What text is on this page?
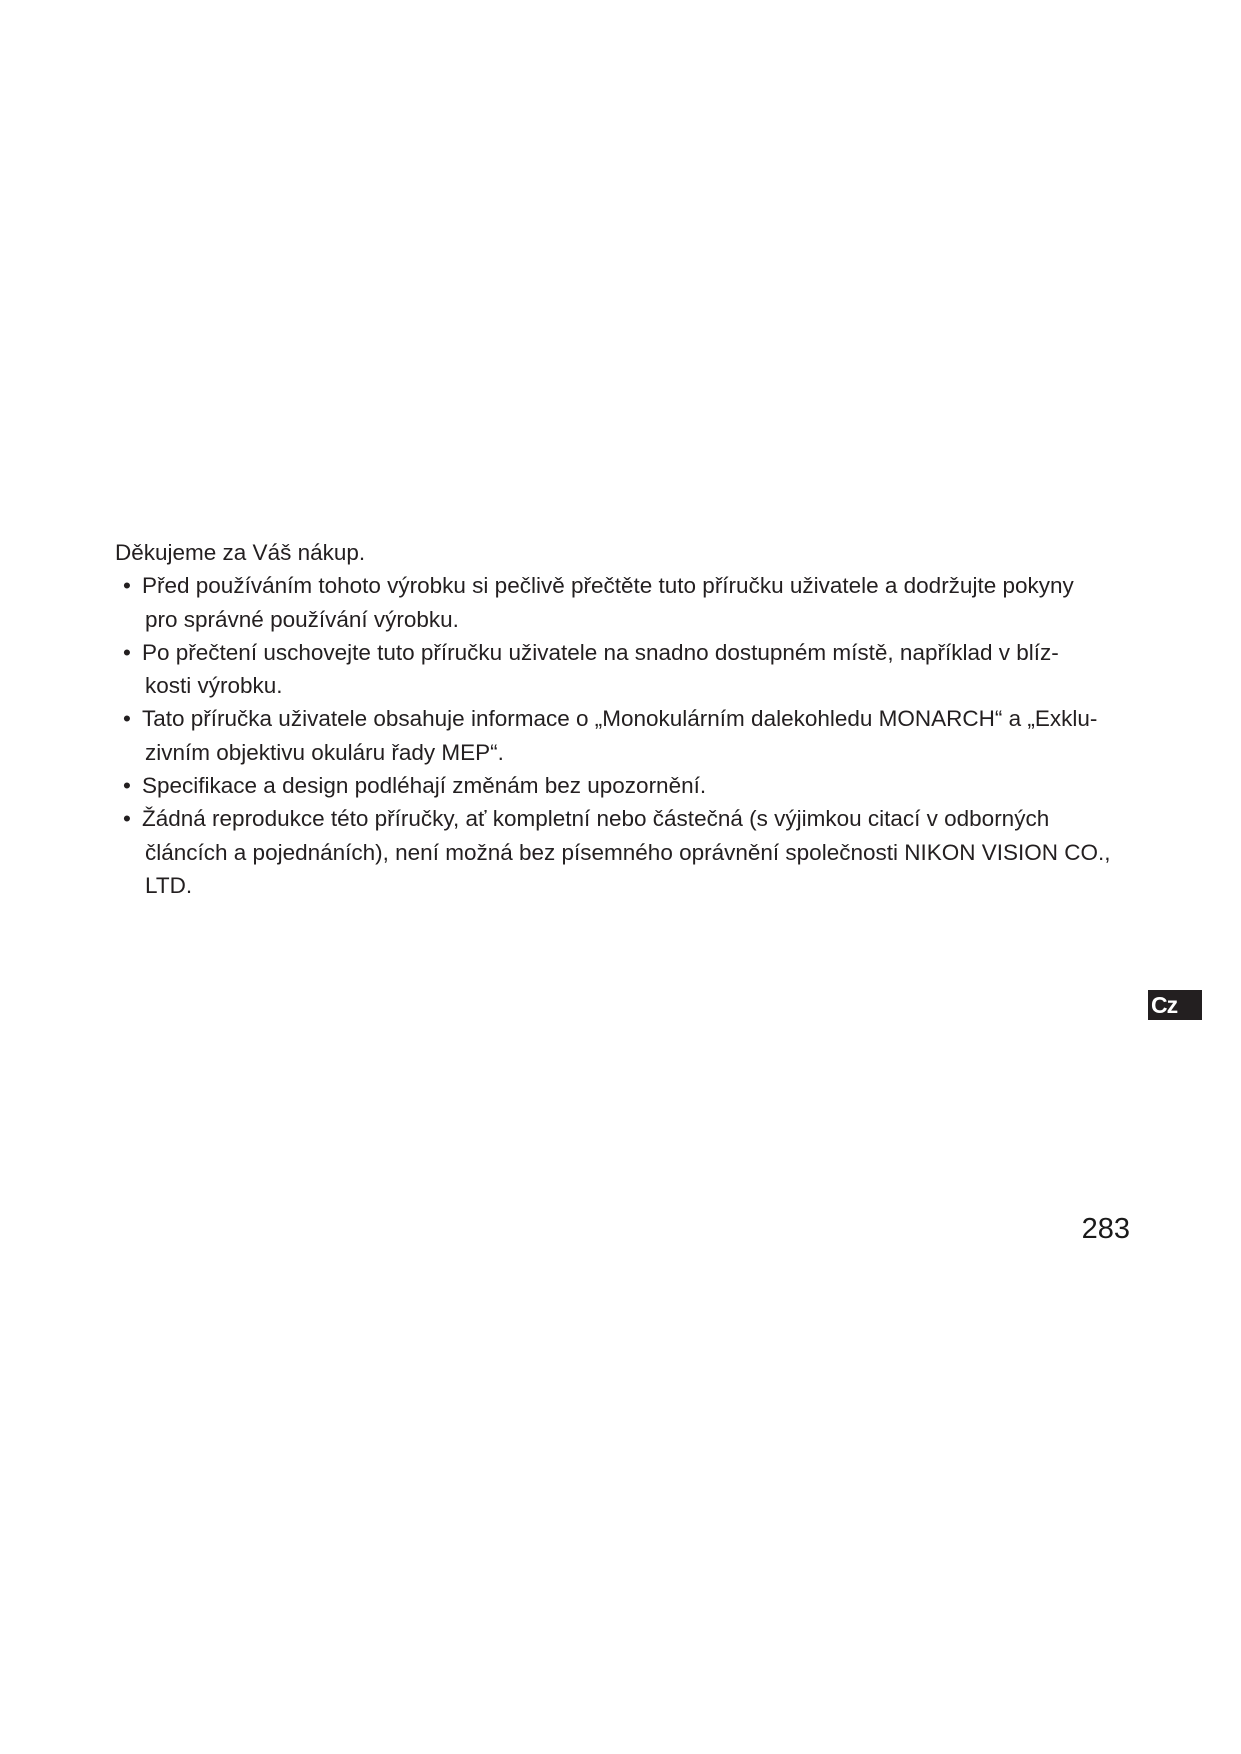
Děkujeme za Váš nákup.

• Před používáním tohoto výrobku si pečlivě přečtěte tuto příručku uživatele a dodržujte pokyny
pro správné používání výrobku.
• Po přečtení uschovejte tuto příručku uživatele na snadno dostupném místě, například v blíz-
kosti výrobku.
• Tato příručka uživatele obsahuje informace o „Monokulárním dalekohledu MONARCH“ a „Exklu-
zivním objektivu okuláru řady MEP“.
• Specifikace a design podléhají změnám bez upozornění.
• Žádná reprodukce této příručky, ať kompletní nebo částečná (s výjimkou citací v odborných
článcích a pojednáních), není možná bez písemného oprávnění společnosti NIKON VISION CO.,
LTD.
Cz
283
